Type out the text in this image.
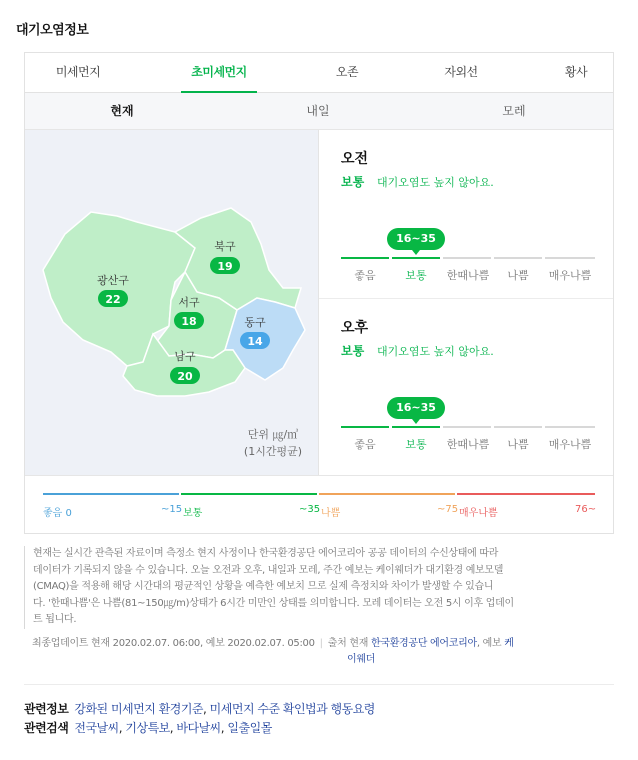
대기오염정보
미세먼지	초미세먼지	오존	자외선	황사
현재	내일	모레
광산구
22
북구
19
서구
18	동구
14
남구
20
단위 ㎍/㎥
(1시간평균)
오전
보통 대기오염도 높지 않아요.
16~35
좋음	보통	한때나쁨	나쁨	매우나쁨
오후
보통 대기오염도 높지 않아요.
16~35
좋음	보통	한때나쁨	나쁨	매우나쁨
좋음 0	~15 보통	~35 나쁨	~75 매우나쁨	76~
현재는 실시간 관측된 자료이며 측정소 현지 사정이나 한국환경공단 에어코리아 공공 데이터의 수신상태에 따라
데이터가 기록되지 않을 수 있습니다. 오늘 오전과 오후, 내일과 모레, 주간 예보는 케이웨더가 대기환경 예보모델
(CMAQ)을 적용해 해당 시간대의 평균적인 상황을 예측한 예보치 므로 실제 측정치와 차이가 발생할 수 있습니
다. '한때나쁨'은 나쁨(81~150㎍/m)상태가 6시간 미만인 상태를 의미합니다. 모레 데이터는 오전 5시 이후 업데이
트 됩니다.
최종업데이트 현재 2020.02.07. 06:00, 예보 2020.02.07. 05:00 | 출처 현재 한국환경공단 에어코리아, 예보 케
이웨더
관련정보 강화된 미세먼지 환경기준, 미세먼지 수준 확인법과 행동요령
관련검색 전국날씨, 기상특보, 바다날씨, 일출일몰
